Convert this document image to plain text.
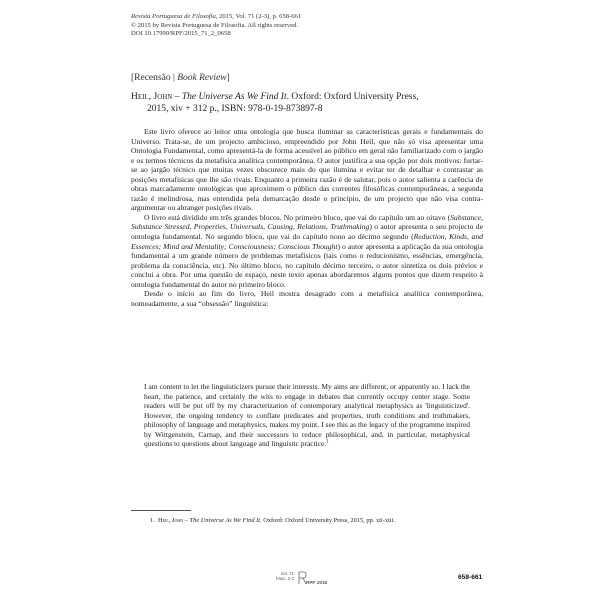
Revista Portuguesa de Filosofia, 2015, Vol. 71 (2-3), p. 658-661
© 2015 by Revista Portuguesa de Filosofia. All rights reserved.
DOI 10.17990/RPF/2015_71_2_0658
[Recensão | Book Review]
Heil, John – The Universe As We Find It. Oxford: Oxford University Press,
2015, xiv + 312 p., ISBN: 978-0-19-873897-8

Este livro oferece ao leitor uma ontologia que busca iluminar as características gerais e fundamentais do Universo. Trata-se, de um projecto ambicioso, empreendido por John Heil, que não só visa apresentar uma Ontologia Fundamental, como apresentá-la de forma acessível ao público em geral não familiarizado com o jargão e os termos técnicos da metafísica analítica contemporânea. O autor justifica a sua opção por dois motivos: furtar-se ao jargão técnico que muitas vezes obscurece mais do que ilumina e evitar ter de detalhar e contrastar as posições metafísicas que lhe são rivais. Enquanto a primeira razão é de salutar, pois o autor salienta a carência de obras marcadamente ontológicas que aproximem o público das correntes filosóficas contemporâneas, a segunda razão é melindrosa, mas entendida pela demarcação desde o princípio, de um projecto que não visa contra-argumentar ou abranger posições rivais.

O livro está dividido em três grandes blocos. No primeiro bloco, que vai do capítulo um ao oitavo (Substance, Substance Stressed, Properties, Universals, Causing, Relations, Truthmaking) o autor apresenta o seu projecto de ontologia fundamental. No segundo bloco, que vai do capítulo nono ao décimo segundo (Reduction, Kinds, and Essences; Mind and Mentality; Consciousness; Conscious Thought) o autor apresenta a aplicação da sua ontologia fundamental a um grande número de problemas metafísicos (tais como o reducionismo, essências, emergência, problema da consciência, etc). No último bloco, no capítulo décimo terceiro, o autor sintetiza os dois prévios e conclui a obra. Por uma questão de espaço, neste texto apenas abordaremos alguns pontos que dizem respeito à ontologia fundamental do autor no primeiro bloco.

Desde o início ao fim do livro, Heil mostra desagrado com a metafísica analítica contemporânea, nomeadamente, a sua “obsessão” linguística:

I am content to let the linguisticizers pursue their interests. My aims are different, or apparently so. I lack the heart, the patience, and certainly the wits to engage in debates that currently occupy center stage. Some readers will be put off by my characterization of contemporary analytical metaphysics as 'linguisticized'. However, the ongoing tendency to conflate predicates and properties, truth conditions and truthmakers, philosophy of language and metaphysics, makes my point. I see this as the legacy of the programme inspired by Wittgenstein, Carnap, and their successors to reduce philosophical, and, in particular, metaphysical questions to questions about language and linguistic practice.$^1$
1. Heil, John – The Universe As We Find It. Oxford: Oxford University Press, 2015, pp. xii-xiii.
Vol. 71
Fasc. 2-3
RPF 2015
658-661
